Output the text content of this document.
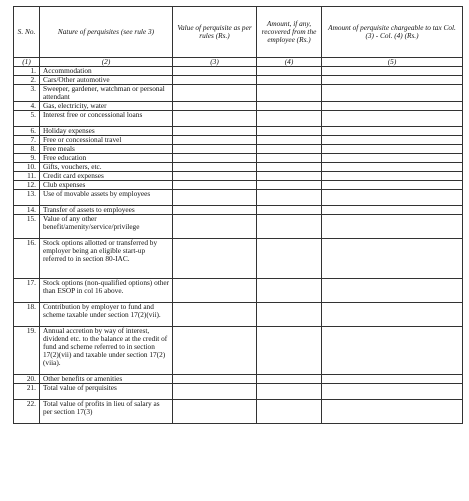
S. No.	Nature of perquisites (see rule 3)	Value of perquisite as per rules (Rs.)	Amount, if any, recovered from the employee (Rs.)	Amount of perquisite chargeable to tax Col. (3) - Col. (4) (Rs.)
(1)	(2)	(3)	(4)	(5)
1.	Accommodation			
2.	Cars/Other automotive			
3.	Sweeper, gardener, watchman or personal attendant			
4.	Gas, electricity, water			
5.	Interest free or concessional loans			
6.	Holiday expenses			
7.	Free or concessional travel			
8.	Free meals			
9.	Free education			
10.	Gifts, vouchers, etc.			
11.	Credit card expenses			
12.	Club expenses			
13.	Use of movable assets by employees			
14.	Transfer of assets to employees			
15.	Value of any other benefit/amenity/service/privilege			
16.	Stock options allotted or transferred by employer being an eligible start-up referred to in section 80-IAC.			
17.	Stock options (non-qualified options) other than ESOP in col 16 above.			
18.	Contribution by employer to fund and scheme taxable under section 17(2)(vii).			
19.	Annual accretion by way of interest, dividend etc. to the balance at the credit of fund and scheme referred to in section 17(2)(vii) and taxable under section 17(2)(viia).			
20.	Other benefits or amenities			
21.	Total value of perquisites			
22.	Total value of profits in lieu of salary as per section 17(3)			
